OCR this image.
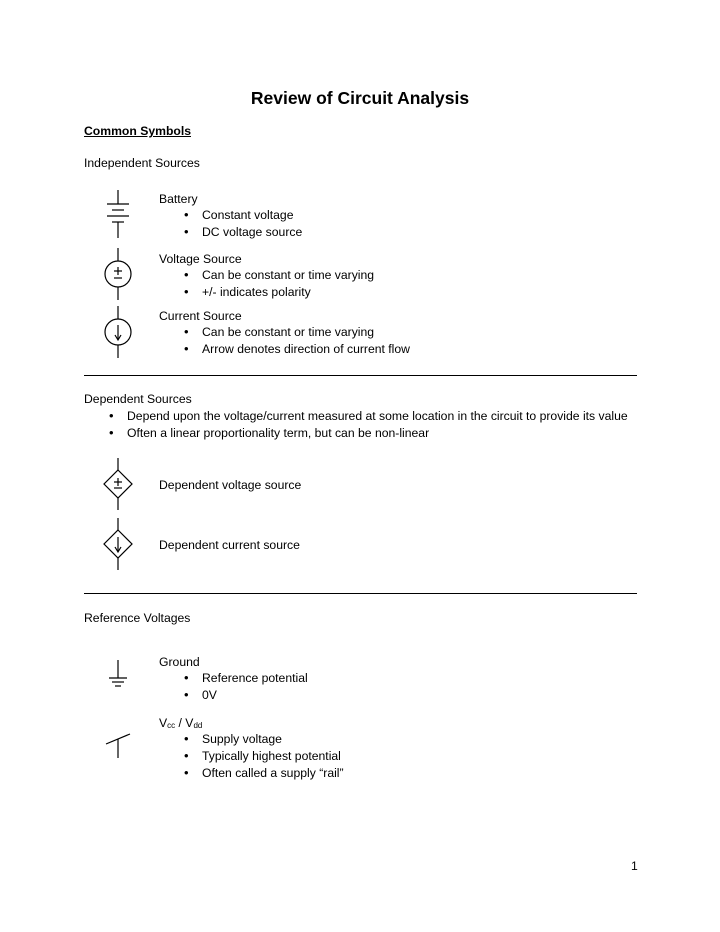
Review of Circuit Analysis
Common Symbols
Independent Sources
Battery
• Constant voltage
• DC voltage source
Voltage Source
• Can be constant or time varying
• +/- indicates polarity
Current Source
• Can be constant or time varying
• Arrow denotes direction of current flow
Dependent Sources
• Depend upon the voltage/current measured at some location in the circuit to provide its value
• Often a linear proportionality term, but can be non-linear
Dependent voltage source
Dependent current source
Reference Voltages
Ground
• Reference potential
• 0V
$V_{cc} / V_{dd}$
• Supply voltage
• Typically highest potential
• Often called a supply “rail”
1
